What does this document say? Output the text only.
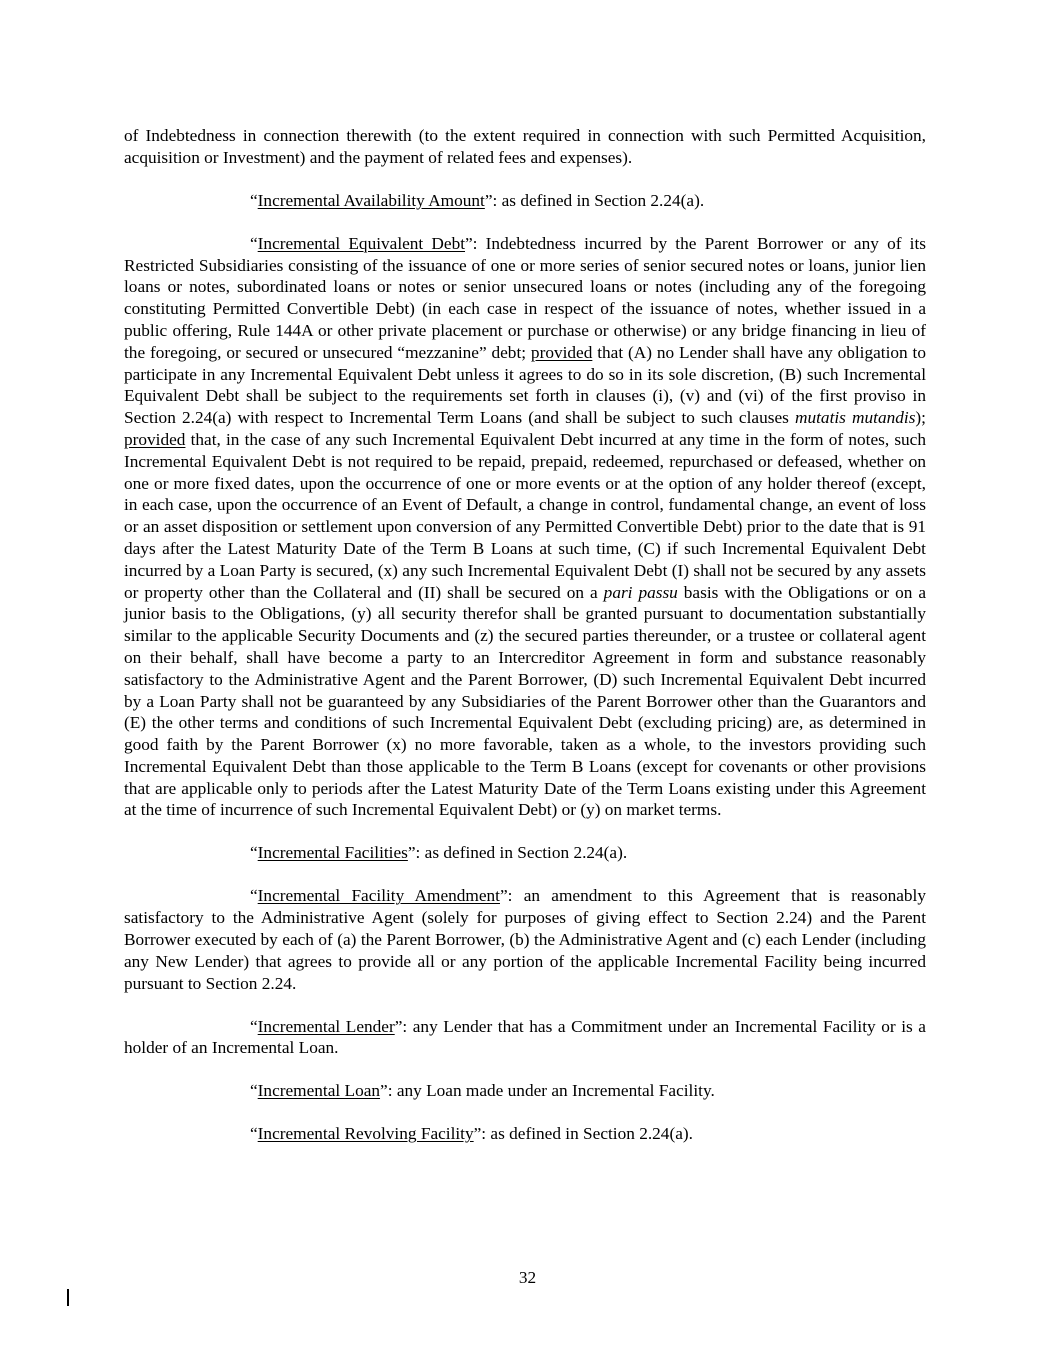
of Indebtedness in connection therewith (to the extent required in connection with such Permitted Acquisition, acquisition or Investment) and the payment of related fees and expenses).

“Incremental Availability Amount”: as defined in Section 2.24(a).

“Incremental Equivalent Debt”: Indebtedness incurred by the Parent Borrower or any of its Restricted Subsidiaries consisting of the issuance of one or more series of senior secured notes or loans, junior lien loans or notes, subordinated loans or notes or senior unsecured loans or notes (including any of the foregoing constituting Permitted Convertible Debt) (in each case in respect of the issuance of notes, whether issued in a public offering, Rule 144A or other private placement or purchase or otherwise) or any bridge financing in lieu of the foregoing, or secured or unsecured “mezzanine” debt; provided that (A) no Lender shall have any obligation to participate in any Incremental Equivalent Debt unless it agrees to do so in its sole discretion, (B) such Incremental Equivalent Debt shall be subject to the requirements set forth in clauses (i), (v) and (vi) of the first proviso in Section 2.24(a) with respect to Incremental Term Loans (and shall be subject to such clauses mutatis mutandis); provided that, in the case of any such Incremental Equivalent Debt incurred at any time in the form of notes, such Incremental Equivalent Debt is not required to be repaid, prepaid, redeemed, repurchased or defeased, whether on one or more fixed dates, upon the occurrence of one or more events or at the option of any holder thereof (except, in each case, upon the occurrence of an Event of Default, a change in control, fundamental change, an event of loss or an asset disposition or settlement upon conversion of any Permitted Convertible Debt) prior to the date that is 91 days after the Latest Maturity Date of the Term B Loans at such time, (C) if such Incremental Equivalent Debt incurred by a Loan Party is secured, (x) any such Incremental Equivalent Debt (I) shall not be secured by any assets or property other than the Collateral and (II) shall be secured on a pari passu basis with the Obligations or on a junior basis to the Obligations, (y) all security therefor shall be granted pursuant to documentation substantially similar to the applicable Security Documents and (z) the secured parties thereunder, or a trustee or collateral agent on their behalf, shall have become a party to an Intercreditor Agreement in form and substance reasonably satisfactory to the Administrative Agent and the Parent Borrower, (D) such Incremental Equivalent Debt incurred by a Loan Party shall not be guaranteed by any Subsidiaries of the Parent Borrower other than the Guarantors and (E) the other terms and conditions of such Incremental Equivalent Debt (excluding pricing) are, as determined in good faith by the Parent Borrower (x) no more favorable, taken as a whole, to the investors providing such Incremental Equivalent Debt than those applicable to the Term B Loans (except for covenants or other provisions that are applicable only to periods after the Latest Maturity Date of the Term Loans existing under this Agreement at the time of incurrence of such Incremental Equivalent Debt) or (y) on market terms.

“Incremental Facilities”: as defined in Section 2.24(a).

“Incremental Facility Amendment”: an amendment to this Agreement that is reasonably satisfactory to the Administrative Agent (solely for purposes of giving effect to Section 2.24) and the Parent Borrower executed by each of (a) the Parent Borrower, (b) the Administrative Agent and (c) each Lender (including any New Lender) that agrees to provide all or any portion of the applicable Incremental Facility being incurred pursuant to Section 2.24.

“Incremental Lender”: any Lender that has a Commitment under an Incremental Facility or is a holder of an Incremental Loan.

“Incremental Loan”: any Loan made under an Incremental Facility.

“Incremental Revolving Facility”: as defined in Section 2.24(a).

32
